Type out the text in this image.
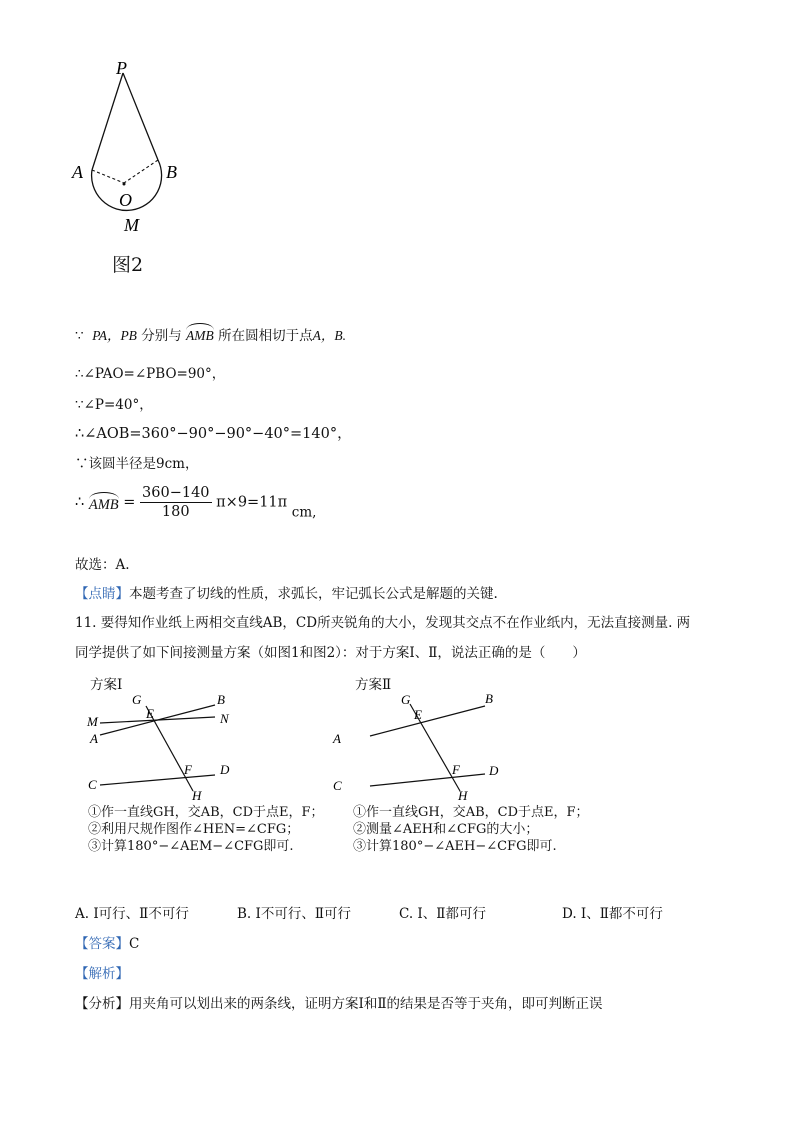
P
A	B
O
M
图2
∵ PA，PB 分别与 AMB 所在圆相切于点A，B.
∴∠PAO=∠PBO=90°，
∵∠P=40°，
∴∠AOB=360°−90°−90°−40°=140°，
∵该圆半径是9cm，
∴ AMB = $\frac{360-140}{180} \pi\times 9=11\pi$ cm,
故选：A.
【点睛】本题考查了切线的性质，求弧长，牢记弧长公式是解题的关键.
11. 要得知作业纸上两相交直线AB，CD所夹锐角的大小，发现其交点不在作业纸内，无法直接测量. 两
同学提供了如下间接测量方案（如图1和图2）：对于方案Ⅰ、Ⅱ，说法正确的是（　　）
方案Ⅰ
G	B
M
E	N
A
C
F D
H
①作一直线GH，交AB，CD于点E，F；
②利用尺规作图作∠HEN=∠CFG；
③计算180°−∠AEM−∠CFG即可.
方案Ⅱ
G	B
E
A
C
F D
H
①作一直线GH，交AB，CD于点E，F；
②测量∠AEH和∠CFG的大小；
③计算180°−∠AEH−∠CFG即可.
A. Ⅰ可行、Ⅱ不可行	B. Ⅰ不可行、Ⅱ可行	C. Ⅰ、Ⅱ都可行	D. Ⅰ、Ⅱ都不可行
【答案】C
【解析】
【分析】用夹角可以划出来的两条线，证明方案Ⅰ和Ⅱ的结果是否等于夹角，即可判断正误
